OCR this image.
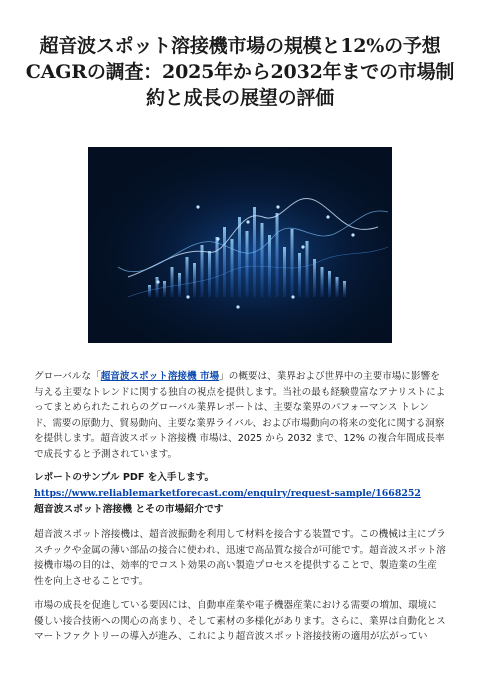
超音波スポット溶接機市場の規模と12%の予想CAGRの調査：2025年から2032年までの市場制約と成長の展望の評価
グローバルな「超音波スポット溶接機 市場」の概要は、業界および世界中の主要市場に影響を与える主要なトレンドに関する独自の視点を提供します。当社の最も経験豊富なアナリストによってまとめられたこれらのグローバル業界レポートは、主要な業界のパフォーマンス トレンド、需要の原動力、貿易動向、主要な業界ライバル、および市場動向の将来の変化に関する洞察を提供します。超音波スポット溶接機 市場は、2025 から 2032 まで、12% の複合年間成長率で成長すると予測されています。
レポートのサンプル PDF を入手します。
https://www.reliablemarketforecast.com/enquiry/request-sample/1668252
超音波スポット溶接機 とその市場紹介です
超音波スポット溶接機は、超音波振動を利用して材料を接合する装置です。この機械は主にプラスチックや金属の薄い部品の接合に使われ、迅速で高品質な接合が可能です。超音波スポット溶接機市場の目的は、効率的でコスト効果の高い製造プロセスを提供することで、製造業の生産性を向上させることです。
市場の成長を促進している要因には、自動車産業や電子機器産業における需要の増加、環境に優しい接合技術への関心の高まり、そして素材の多様化があります。さらに、業界は自動化とスマートファクトリーの導入が進み、これにより超音波スポット溶接技術の適用が広がってい
